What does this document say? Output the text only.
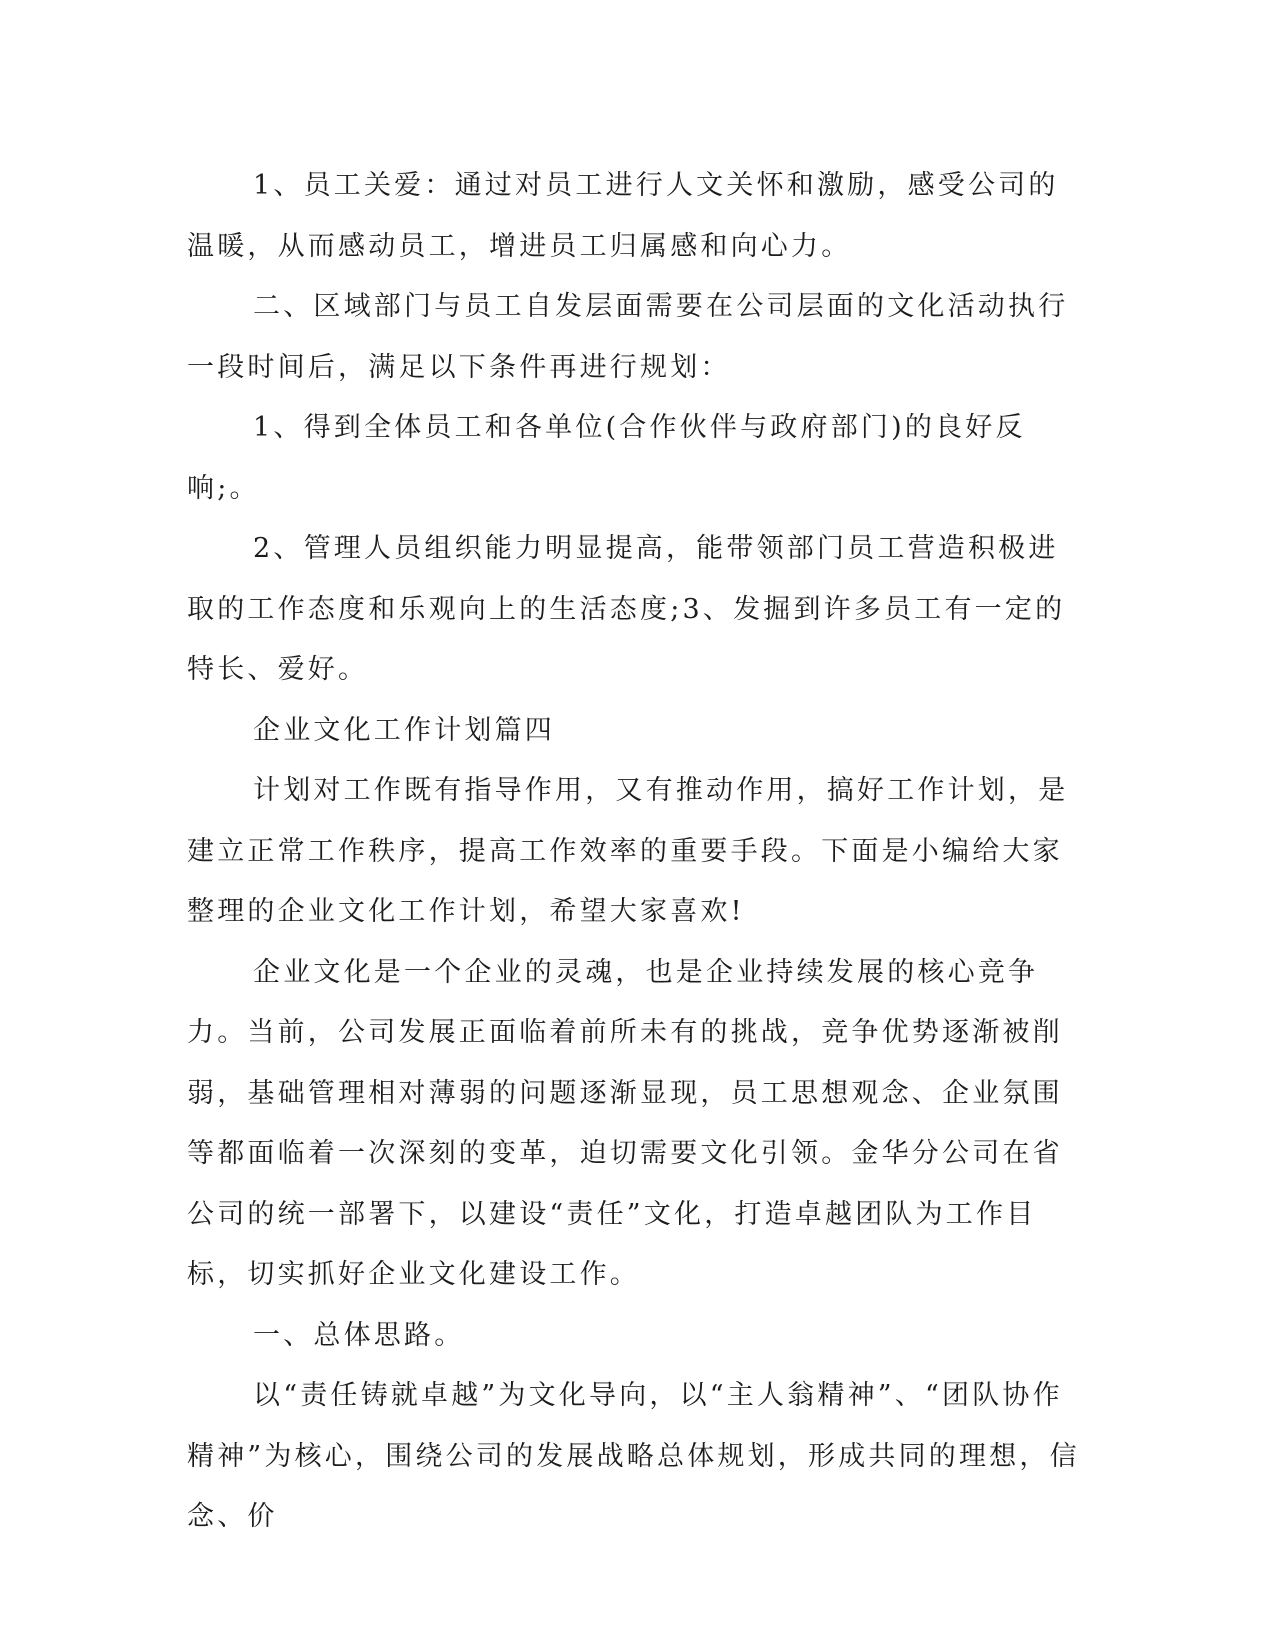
1、员工关爱：通过对员工进行人文关怀和激励，感受公司的温暖，从而感动员工，增进员工归属感和向心力。

二、区域部门与员工自发层面需要在公司层面的文化活动执行一段时间后，满足以下条件再进行规划：

1、得到全体员工和各单位(合作伙伴与政府部门)的良好反响;。

2、管理人员组织能力明显提高，能带领部门员工营造积极进取的工作态度和乐观向上的生活态度;3、发掘到许多员工有一定的特长、爱好。

企业文化工作计划篇四

计划对工作既有指导作用，又有推动作用，搞好工作计划，是建立正常工作秩序，提高工作效率的重要手段。下面是小编给大家整理的企业文化工作计划，希望大家喜欢!

企业文化是一个企业的灵魂，也是企业持续发展的核心竞争力。当前，公司发展正面临着前所未有的挑战，竞争优势逐渐被削弱，基础管理相对薄弱的问题逐渐显现，员工思想观念、企业氛围等都面临着一次深刻的变革，迫切需要文化引领。金华分公司在省公司的统一部署下，以建设“责任”文化，打造卓越团队为工作目标，切实抓好企业文化建设工作。

一、总体思路。

以“责任铸就卓越”为文化导向，以“主人翁精神”、“团队协作精神”为核心，围绕公司的发展战略总体规划，形成共同的理想，信念、价
